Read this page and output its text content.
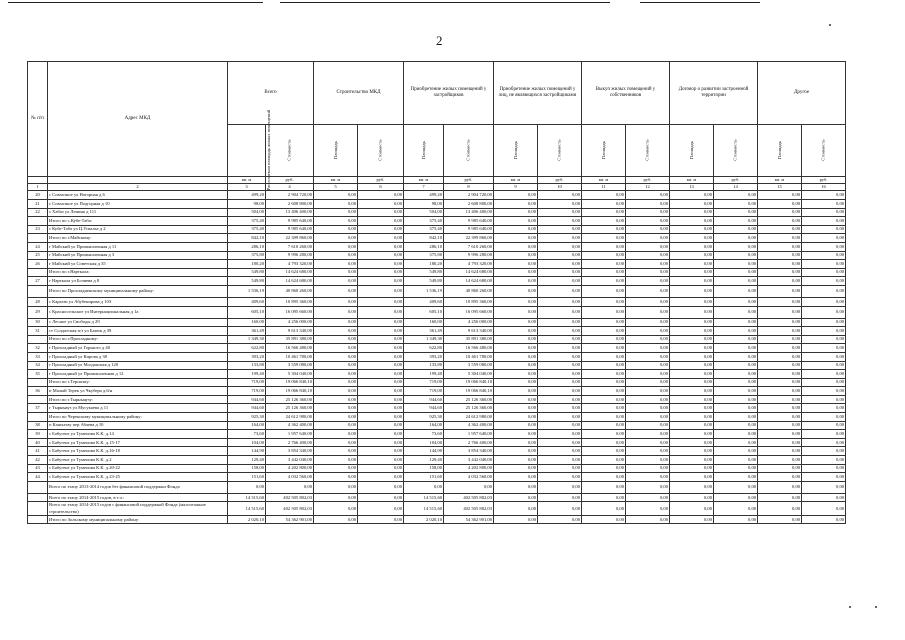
2
№ п/п	Адрес МКД	Всего		Строительство МКД		Приобретение жилых помещений у застройщиков		Приобретение жилых помещений у лиц, не являющихся застройщиками		Выкуп жилых помещений у собственников		Договор о развитии застроенной территории		Другое	
		Расселяемая площадь жилых помещений	Стоимость	Площадь	Стоимость	Площадь	Стоимость	Площадь	Стоимость	Площадь	Стоимость	Площадь	Стоимость	Площадь	Стоимость
		кв. м	руб.	кв. м	руб.	кв. м	руб.	кв. м	руб.	кв. м	руб.	кв. м	руб.	кв. м	руб.
1	2	3	4	5	6	7	8	9	10	11	12	13	14	15	16
20	с Совхозное ул Нагорная д 6	499,20	2 904 720,00	0,00	0,00	499,20	2 904 720,00	0,00	0,00	0,00	0,00	0,00	0,00	0,00	0,00
21	с Совхозное ул Подгорная д 10	98,00	2 608 800,00	0,00	0,00	98,00	2 608 800,00	0,00	0,00	0,00	0,00	0,00	0,00	0,00	0,00
22	с Хабаз ул Ленина д 111	504,00	13 406 400,00	0,00	0,00	504,00	13 406 400,00	0,00	0,00	0,00	0,00	0,00	0,00	0,00	0,00
	Итого по с.Кубе-Таба:	375,40	9 985 640,00	0,00	0,00	375,40	9 985 640,00	0,00	0,00	0,00	0,00	0,00	0,00	0,00	0,00
23	с Кубе-Таба ул Ц.Ускалье д 2	375,40	9 985 640,00	0,00	0,00	375,40	9 985 640,00	0,00	0,00	0,00	0,00	0,00	0,00	0,00	0,00
	Итого по г.Майскому:	842,10	22 399 860,00	0,00	0,00	842,10	22 399 860,00	0,00	0,00	0,00	0,00	0,00	0,00	0,00	0,00
24	г Майский ул Промышленная д 11	286,10	7 610 260,00	0,00	0,00	286,10	7 610 260,00	0,00	0,00	0,00	0,00	0,00	0,00	0,00	0,00
25	г Майский ул Промышленная д 3	375,80	9 996 280,00	0,00	0,00	375,80	9 996 280,00	0,00	0,00	0,00	0,00	0,00	0,00	0,00	0,00
26	г Майский ул Советская д 35	180,20	4 793 320,00	0,00	0,00	180,20	4 793 320,00	0,00	0,00	0,00	0,00	0,00	0,00	0,00	0,00
	Итого по г.Нарткала:	549,80	14 624 680,00	0,00	0,00	549,80	14 624 680,00	0,00	0,00	0,00	0,00	0,00	0,00	0,00	0,00
27	г Нарткала ул Бозиева д 8	549,80	14 624 680,00	0,00	0,00	549,80	14 624 680,00	0,00	0,00	0,00	0,00	0,00	0,00	0,00	0,00
	Итого по Прохладненскому муниципальному району:	1 536,19	40 860 260,00	0,00	0,00	1 536,19	40 860 260,00	0,00	0,00	0,00	0,00	0,00	0,00	0,00	0,00
28	с Карагач ул Абубекирова д 103	409,60	10 895 360,00	0,00	0,00	409,60	10 895 360,00	0,00	0,00	0,00	0,00	0,00	0,00	0,00	0,00
29	с Красносельское ул Интернациональная д 1а	605,10	16 095 660,00	0,00	0,00	605,10	16 095 660,00	0,00	0,00	0,00	0,00	0,00	0,00	0,00	0,00
30	с Лесное ул Свободы д 29	160,00	4 256 000,00	0,00	0,00	160,00	4 256 000,00	0,00	0,00	0,00	0,00	0,00	0,00	0,00	0,00
31	ст Солдатская п/з ул Батюк д 39	361,49	9 613 340,00	0,00	0,00	361,49	9 613 340,00	0,00	0,00	0,00	0,00	0,00	0,00	0,00	0,00
	Итого по г.Прохладному:	1 349,30	35 891 380,00	0,00	0,00	1 349,30	35 891 380,00	0,00	0,00	0,00	0,00	0,00	0,00	0,00	0,00
32	г Прохладный ул Горького д 40	622,80	16 566 480,00	0,00	0,00	622,80	16 566 480,00	0,00	0,00	0,00	0,00	0,00	0,00	0,00	0,00
33	г Прохладный ул Кирова д 38	393,20	10 461 780,00	0,00	0,00	393,20	10 461 780,00	0,00	0,00	0,00	0,00	0,00	0,00	0,00	0,00
34	г Прохладный ул Моздокская д 120	133,80	3 559 080,00	0,00	0,00	133,80	3 559 080,00	0,00	0,00	0,00	0,00	0,00	0,00	0,00	0,00
35	г Прохладный ул Промышленная д 12	199,40	5 304 040,00	0,00	0,00	199,40	5 304 040,00	0,00	0,00	0,00	0,00	0,00	0,00	0,00	0,00
	Итого по г.Терскому:	719,00	19 066 840,10	0,00	0,00	719,00	19 066 840,10	0,00	0,00	0,00	0,00	0,00	0,00	0,00	0,00
36	п Малый Терек ул Чкубера д.6/н	719,00	19 066 840,10	0,00	0,00	719,00	19 066 840,10	0,00	0,00	0,00	0,00	0,00	0,00	0,00	0,00
	Итого по г.Тырныаузу:	944,60	25 126 360,00	0,00	0,00	944,60	25 126 360,00	0,00	0,00	0,00	0,00	0,00	0,00	0,00	0,00
37	г Тырныауз ул Мусукаева д 11	944,60	25 126 360,00	0,00	0,00	944,60	25 126 360,00	0,00	0,00	0,00	0,00	0,00	0,00	0,00	0,00
	Итого по Черекскому муниципальному району:	925,30	24 612 980,00	0,00	0,00	925,30	24 612 980,00	0,00	0,00	0,00	0,00	0,00	0,00	0,00	0,00
38	п Кашхатау пер Абаева д 10	164,00	4 362 400,00	0,00	0,00	164,00	4 362 400,00	0,00	0,00	0,00	0,00	0,00	0,00	0,00	0,00
39	с Бабугент ул Тумеиова К.К. д.14	73,60	1 957 640,00	0,00	0,00	73,60	1 957 640,00	0,00	0,00	0,00	0,00	0,00	0,00	0,00	0,00
40	с Бабугент ул Тумеиова К.К. д.15-17	104,00	2 766 400,00	0,00	0,00	104,00	2 766 400,00	0,00	0,00	0,00	0,00	0,00	0,00	0,00	0,00
41	с Бабугент ул Тумеиова К.К. д.16-18	144,90	3 854 340,00	0,00	0,00	144,90	3 854 340,00	0,00	0,00	0,00	0,00	0,00	0,00	0,00	0,00
42	с Бабугент ул Тумеиова К.К. д.2	129,40	3 442 040,00	0,00	0,00	129,40	3 442 040,00	0,00	0,00	0,00	0,00	0,00	0,00	0,00	0,00
43	с Бабугент ул Тумеиова К.К. д.20-22	158,00	4 202 800,00	0,00	0,00	158,00	4 202 800,00	0,00	0,00	0,00	0,00	0,00	0,00	0,00	0,00
44	с Бабугент ул Тумеиова К.К. д.23-25	151,60	4 032 560,00	0,00	0,00	151,60	4 032 560,00	0,00	0,00	0,00	0,00	0,00	0,00	0,00	0,00
	Всего по этапу 2013-2014 годов без финансовой поддержки Фонда	0,00	0,00	0,00	0,00	0,00	0,00	0,00	0,00	0,00	0,00	0,00	0,00	0,00	0,00
	Всего по этапу 2014-2015 годов, в т.ч.:	14 515,60	402 505 802,03	0,00	0,00	14 515,60	402 505 802,03	0,00	0,00	0,00	0,00	0,00	0,00	0,00	0,00
	Всего по этапу 2014-2015 годов с финансовой поддержкой Фонда (малоэтажное строительство)	14 515,60	402 505 802,03	0,00	0,00	14 515,60	402 505 802,03	0,00	0,00	0,00	0,00	0,00	0,00	0,00	0,00
	Итого по Зольскому муниципальному району:	2 020,10	54 362 901,00	0,00	0,00	2 020,10	54 362 901,00	0,00	0,00	0,00	0,00	0,00	0,00	0,00	0,00
